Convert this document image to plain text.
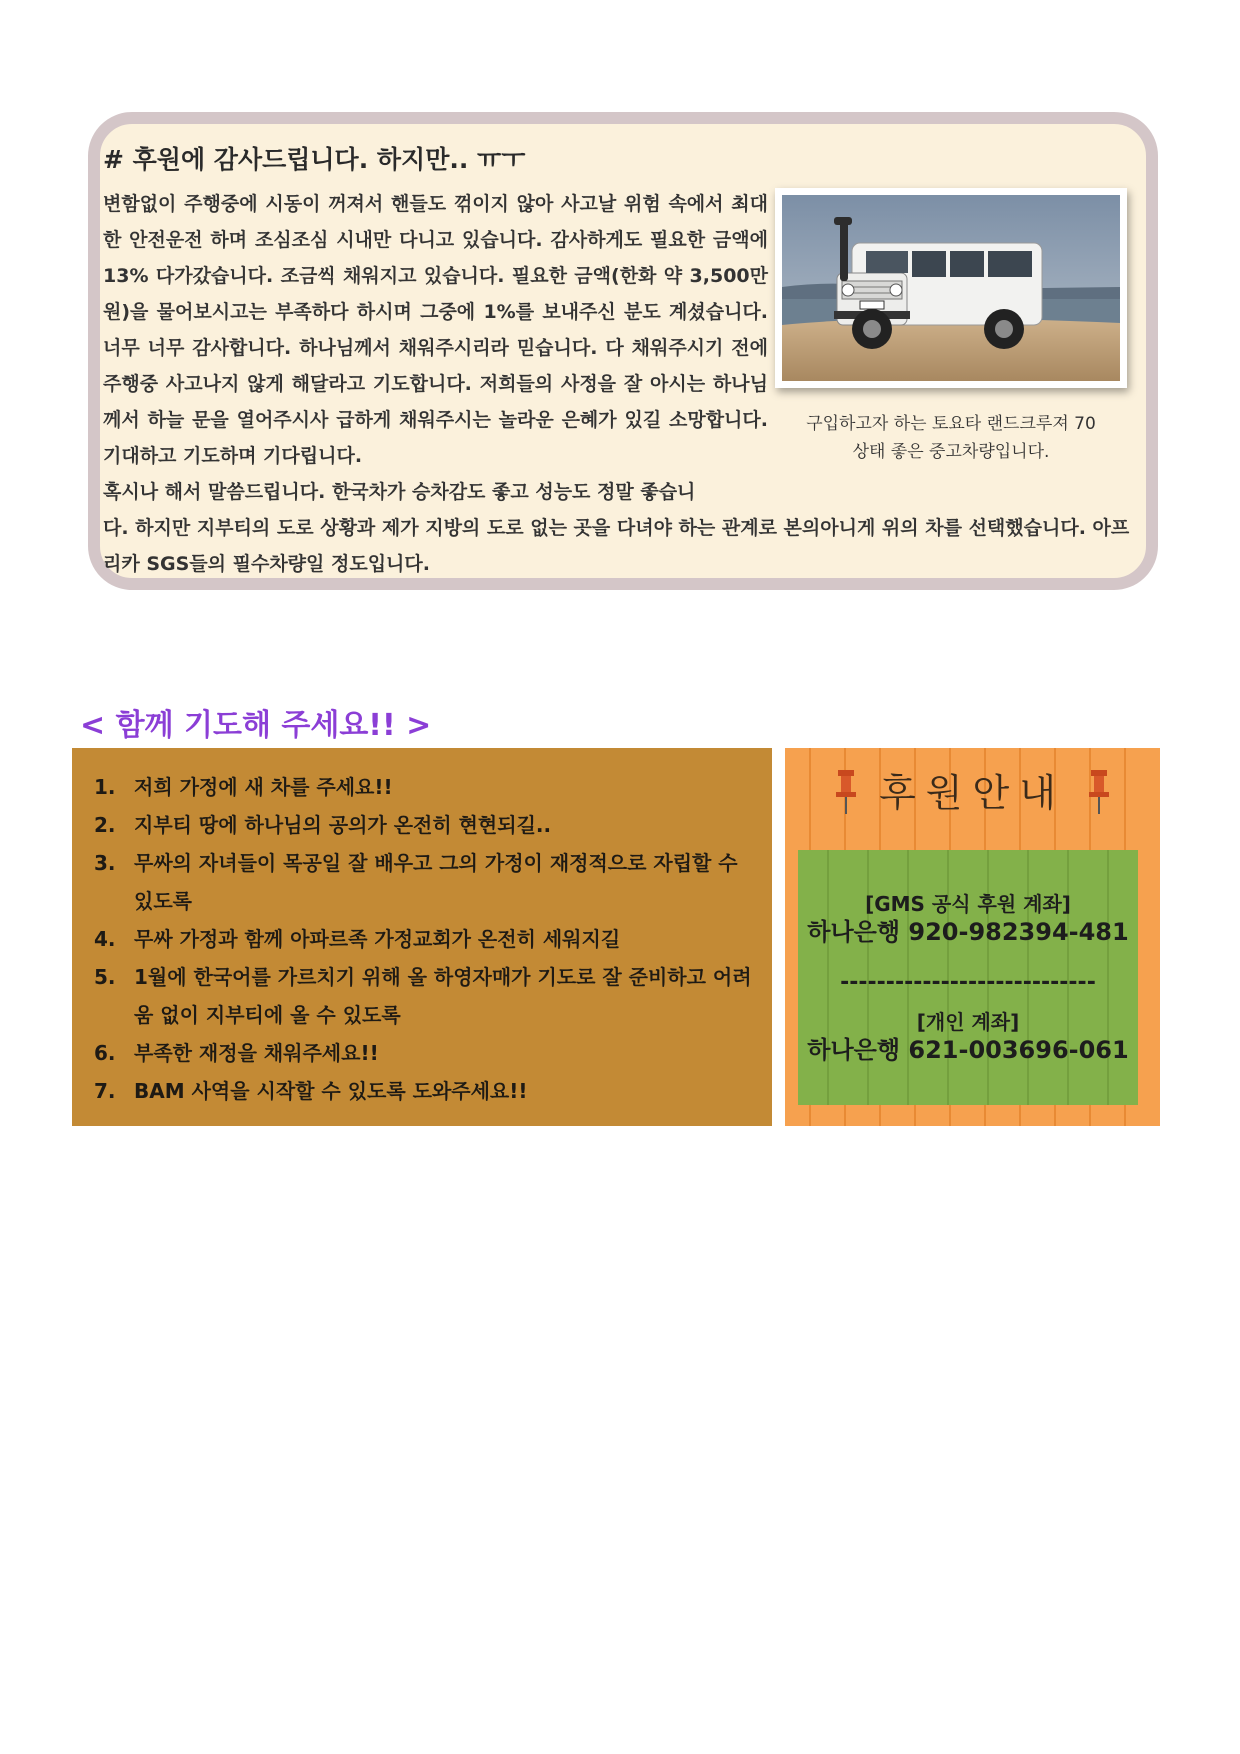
# 후원에 감사드립니다. 하지만.. ㅠㅜ
변함없이 주행중에 시동이 꺼져서 핸들도 꺾이지 않아 사고날 위험 속에서 최대한 안전운전 하며 조심조심 시내만 다니고 있습니다. 감사하게도 필요한 금액에 13% 다가갔습니다. 조금씩 채워지고 있습니다. 필요한 금액(한화 약 3,500만원)을 물어보시고는 부족하다 하시며 그중에 1%를 보내주신 분도 계셨습니다. 너무 너무 감사합니다. 하나님께서 채워주시리라 믿습니다. 다 채워주시기 전에 주행중 사고나지 않게 해달라고 기도합니다. 저희들의 사정을 잘 아시는 하나님께서 하늘 문을 열어주시사 급하게 채워주시는 놀라운 은혜가 있길 소망합니다. 기대하고 기도하며 기다립니다.
혹시나 해서 말씀드립니다. 한국차가 승차감도 좋고 성능도 정말 좋습니
다. 하지만 지부티의 도로 상황과 제가 지방의 도로 없는 곳을 다녀야 하는 관계로 본의아니게 위의 차를 선택했습니다. 아프리카 SGS들의 필수차량일 정도입니다.
구입하고자 하는 토요타 랜드크루져 70
상태 좋은 중고차량입니다.
< 함께 기도해 주세요!! >
1. 저희 가정에 새 차를 주세요!!
2. 지부티 땅에 하나님의 공의가 온전히 현현되길..
3. 무싸의 자녀들이 목공일 잘 배우고 그의 가정이 재정적으로 자립할 수 있도록
4. 무싸 가정과 함께 아파르족 가정교회가 온전히 세워지길
5. 1월에 한국어를 가르치기 위해 올 하영자매가 기도로 잘 준비하고 어려움 없이 지부티에 올 수 있도록
6. 부족한 재정을 채워주세요!!
7. BAM 사역을 시작할 수 있도록 도와주세요!!
후원안내
[GMS 공식 후원 계좌]
하나은행 920-982394-481
----------------------------
[개인 계좌]
하나은행 621-003696-061
